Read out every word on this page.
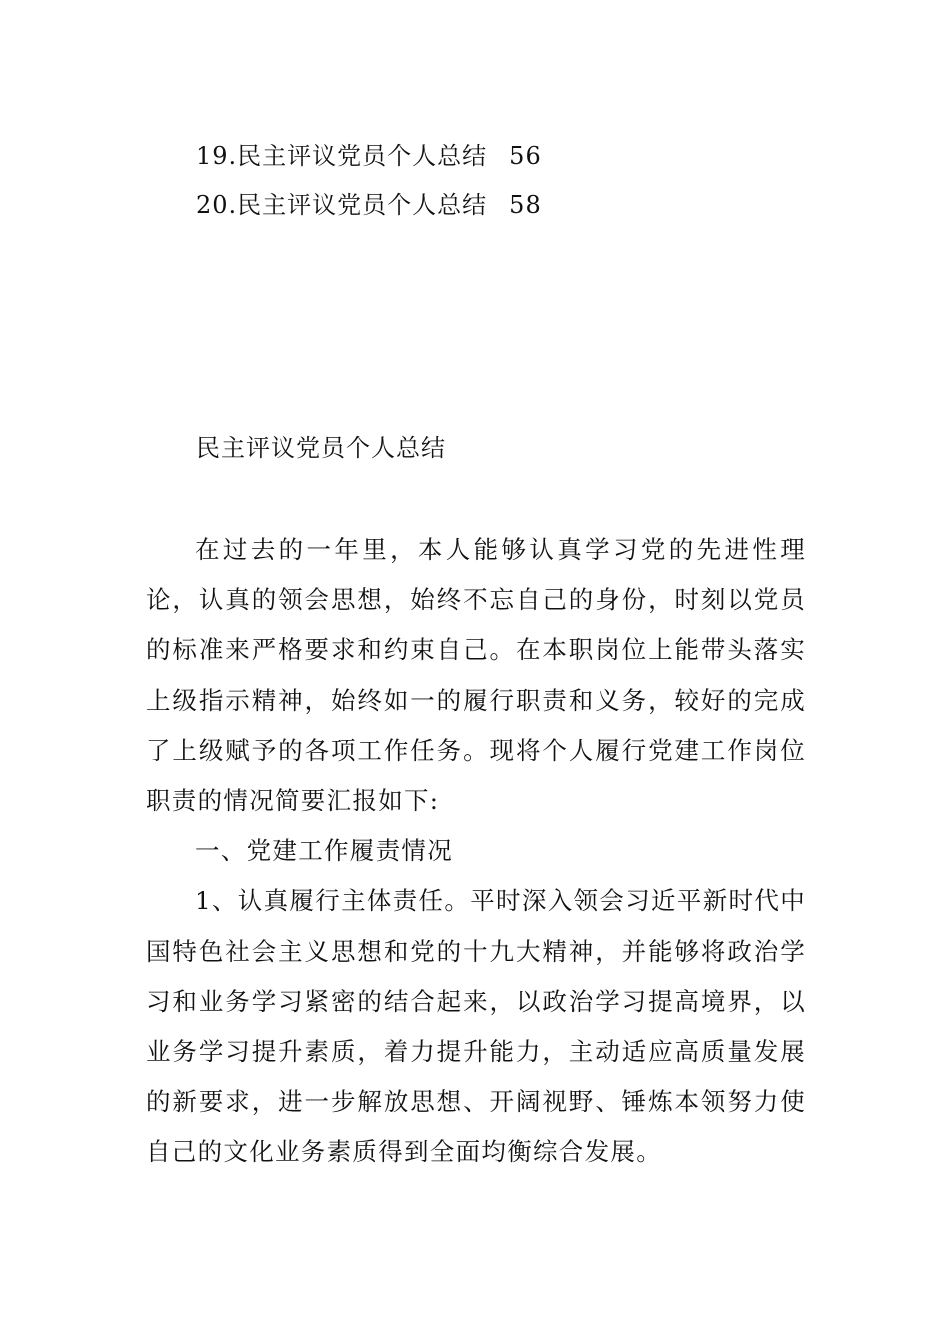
19.民主评议党员个人总结 56
20.民主评议党员个人总结 58
民主评议党员个人总结

在过去的一年里，本人能够认真学习党的先进性理论，认真的领会思想，始终不忘自己的身份，时刻以党员的标准来严格要求和约束自己。在本职岗位上能带头落实上级指示精神，始终如一的履行职责和义务，较好的完成了上级赋予的各项工作任务。现将个人履行党建工作岗位职责的情况简要汇报如下:

一、党建工作履责情况

1、认真履行主体责任。平时深入领会习近平新时代中国特色社会主义思想和党的十九大精神，并能够将政治学习和业务学习紧密的结合起来，以政治学习提高境界，以业务学习提升素质，着力提升能力，主动适应高质量发展的新要求，进一步解放思想、开阔视野、锤炼本领努力使自己的文化业务素质得到全面均衡综合发展。
